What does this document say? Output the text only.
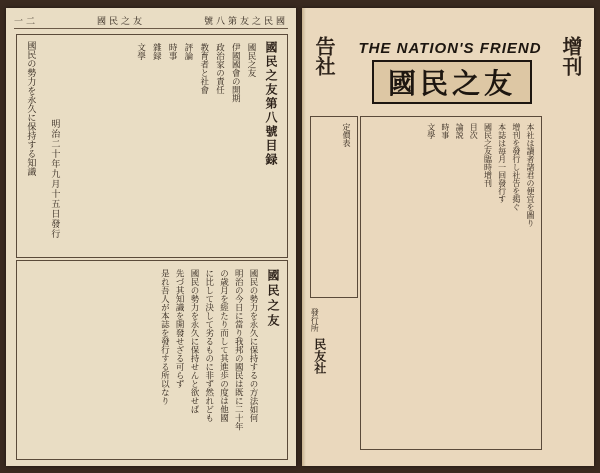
一二	國民之友	號八第友之民國
國民之友第八號目録
國民之友
伊國國會の開期
政治家の責任
教育者と社會
評論
時事
雜録
文學
明治二十年九月十五日發行
國民の勢力を永久に保持する知識
國民之友
國民の勢力を永久に保持するの方法如何
明治の今日に當り我邦の國民は既に二十年
の歳月を經たり而して其進歩の度は他國
に比して決して劣るものに非ず然れども
國民の勢力を永久に保持せんと欲せば
先づ其知識を開發せざる可らず
是れ吾人が本誌を發行する所以なり
告社	增刊
THE NATION'S FRIEND
國民之友
定價表
發行所
民友社
本社は讀者諸君の便宜を圖り
增刊を發行し社告を掲ぐ
本誌は毎月一回發行す
國民之友臨時增刊
目次
論説
時事
文學
